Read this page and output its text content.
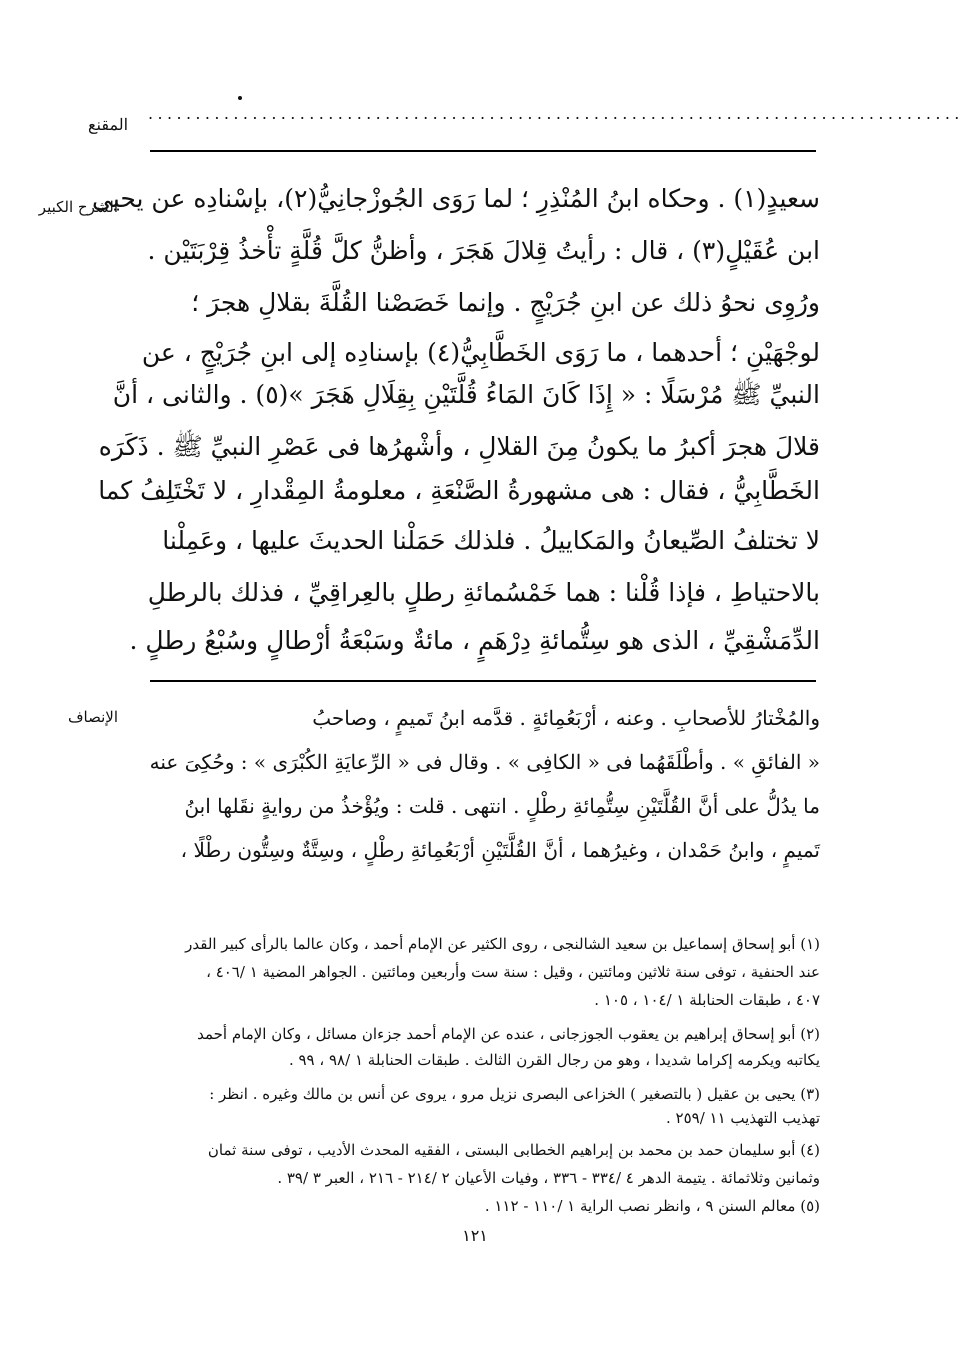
المقنع
......................................................................................
الشرح الكبير
الإنصاف
سعيدٍ(١) . وحكاه ابنُ المُنْذِرِ ؛ لما رَوَى الجُوزْجانِيُّ(٢)، بإسْنادِه عن يحيى
ابن عُقَيْلٍ(٣) ، قال : رأيتُ قِلالَ هَجَرَ ، وأظنُّ كلَّ قُلَّةٍ تأْخذُ قِرْبَتَيْن .
ورُوِى نحوُ ذلك عن ابنِ جُرَيْجٍ . وإنما خَصَصْنا القُلَّةَ بقلالِ هجرَ ؛
لوجْهَيْنِ ؛ أحدهما ، ما رَوَى الخَطَّابِيُّ(٤) بإسنادِه إلى ابنِ جُرَيْجٍ ، عن
النبيِّ ﷺ مُرْسَلًا : « إِذَا كَانَ المَاءُ قُلَّتَيْنِ بِقِلَالِ هَجَرَ »(٥) . والثانى ، أنَّ
قلالَ هجرَ أكبرُ ما يكونُ مِنَ القلالِ ، وأشْهرُها فى عَصْرِ النبيِّ ﷺ . ذَكَرَه
الخَطَّابِيُّ ، فقال : هى مشهورةُ الصَّنْعَةِ ، معلومةُ المِقْدارِ ، لا تَخْتَلِفُ كما
لا تختلفُ الصِّيعانُ والمَكاييلُ . فلذلك حَمَلْنا الحديثَ عليها ، وعَمِلْنا
بالاحتياطِ ، فإذا قُلْنا : هما خَمْسُمائةِ رطلٍ بالعِراقِيِّ ، فذلك بالرطلِ
الدِّمَشْقِيِّ ، الذى هو سِتُّمائةِ دِرْهَمٍ ، مائةٌ وسَبْعَةُ أرْطالٍ وسُبْعُ رطلٍ .
والمُخْتارُ للأصحابِ . وعنه ، أرْبَعُمِائةٍ . قدَّمه ابنُ تَميمٍ ، وصاحبُ
« الفائقِ » . وأطْلَقَهُما فى « الكافِى » . وقال فى « الرِّعايَةِ الكُبْرَى » : وحُكِىَ عنه
ما يدُلُّ على أنَّ القُلَّتَيْنِ سِتُّمِائةِ رطْلٍ . انتهى . قلت : ويُؤْخذُ من روايةٍ نقَلها ابنُ
تَميمٍ ، وابنُ حَمْدان ، وغيرُهما ، أنَّ القُلَّتَيْنِ أرْبَعُمِائةِ رطْلٍ ، وسِتَّةٌ وسِتُّون رطْلًا ،
(١) أبو إسحاق إسماعيل بن سعيد الشالنجى ، روى الكثير عن الإمام أحمد ، وكان عالما بالرأى كبير القدر
عند الحنفية ، توفى سنة ثلاثين ومائتين ، وقيل : سنة ست وأربعين ومائتين . الجواهر المضية ١ /٤٠٦ ،
٤٠٧ ، طبقات الحنابلة ١ /١٠٤ ، ١٠٥ .
(٢) أبو إسحاق إبراهيم بن يعقوب الجوزجانى ، عنده عن الإمام أحمد جزءان مسائل ، وكان الإمام أحمد
يكاتبه ويكرمه إكراما شديدا ، وهو من رجال القرن الثالث . طبقات الحنابلة ١ /٩٨ ، ٩٩ .
(٣) يحيى بن عقيل ( بالتصغير ) الخزاعى البصرى نزيل مرو ، يروى عن أنس بن مالك وغيره . انظر :
تهذيب التهذيب ١١ /٢٥٩ .
(٤) أبو سليمان حمد بن محمد بن إبراهيم الخطابى البستى ، الفقيه المحدث الأديب ، توفى سنة ثمان
وثمانين وثلاثمائة . يتيمة الدهر ٤ /٣٣٤ - ٣٣٦ ، وفيات الأعيان ٢ /٢١٤ - ٢١٦ ، العبر ٣ /٣٩ .
(٥) معالم السنن ٩ ، وانظر نصب الراية ١ /١١٠ - ١١٢ .
١٢١
